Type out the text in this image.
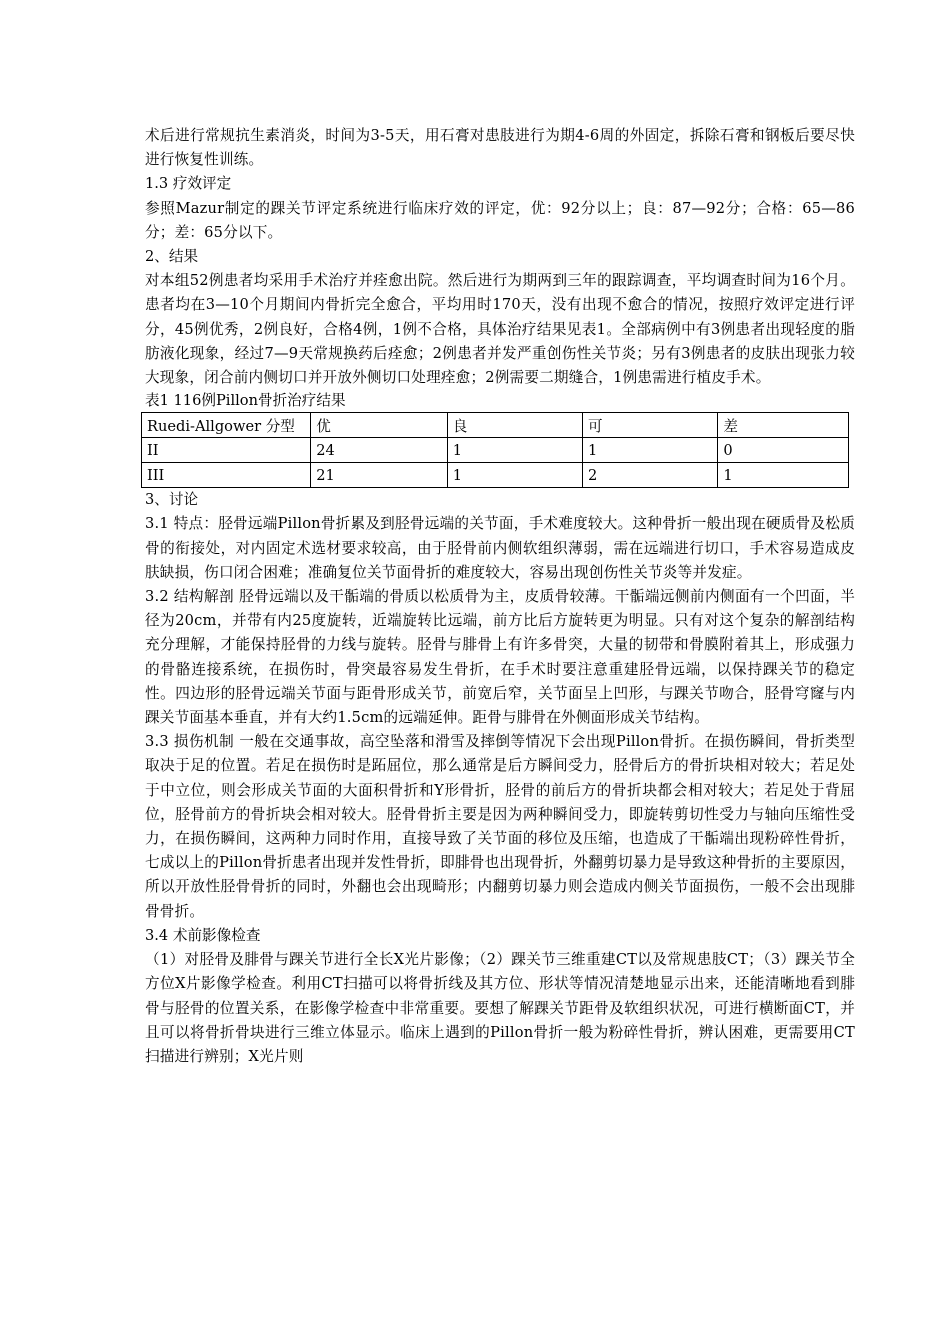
术后进行常规抗生素消炎，时间为3-5天，用石膏对患肢进行为期4-6周的外固定，拆除石膏和钢板后要尽快进行恢复性训练。

1.3 疗效评定

参照Mazur制定的踝关节评定系统进行临床疗效的评定，优：92分以上；良：87—92分；合格：65—86分；差：65分以下。

2、结果

对本组52例患者均采用手术治疗并痊愈出院。然后进行为期两到三年的跟踪调查，平均调查时间为16个月。患者均在3—10个月期间内骨折完全愈合，平均用时170天，没有出现不愈合的情况，按照疗效评定进行评分，45例优秀，2例良好，合格4例，1例不合格，具体治疗结果见表1。全部病例中有3例患者出现轻度的脂肪液化现象，经过7—9天常规换药后痊愈；2例患者并发严重创伤性关节炎；另有3例患者的皮肤出现张力较大现象，闭合前内侧切口并开放外侧切口处理痊愈；2例需要二期缝合，1例患需进行植皮手术。

表1 116例Pillon骨折治疗结果

Ruedi-Allgower 分型	优	良	可	差
II	24	1	1	0
III	21	1	2	1

3、讨论

3.1 特点：胫骨远端Pillon骨折累及到胫骨远端的关节面，手术难度较大。这种骨折一般出现在硬质骨及松质骨的衔接处，对内固定术选材要求较高，由于胫骨前内侧软组织薄弱，需在远端进行切口，手术容易造成皮肤缺损，伤口闭合困难；准确复位关节面骨折的难度较大，容易出现创伤性关节炎等并发症。

3.2 结构解剖 胫骨远端以及干骺端的骨质以松质骨为主，皮质骨较薄。干骺端远侧前内侧面有一个凹面，半径为20cm，并带有内25度旋转，近端旋转比远端，前方比后方旋转更为明显。只有对这个复杂的解剖结构充分理解，才能保持胫骨的力线与旋转。胫骨与腓骨上有许多骨突，大量的韧带和骨膜附着其上，形成强力的骨骼连接系统，在损伤时，骨突最容易发生骨折，在手术时要注意重建胫骨远端，以保持踝关节的稳定性。四边形的胫骨远端关节面与距骨形成关节，前宽后窄，关节面呈上凹形，与踝关节吻合，胫骨穹窿与内踝关节面基本垂直，并有大约1.5cm的远端延伸。距骨与腓骨在外侧面形成关节结构。

3.3 损伤机制 一般在交通事故，高空坠落和滑雪及摔倒等情况下会出现Pillon骨折。在损伤瞬间，骨折类型取决于足的位置。若足在损伤时是跖屈位，那么通常是后方瞬间受力，胫骨后方的骨折块相对较大；若足处于中立位，则会形成关节面的大面积骨折和Y形骨折，胫骨的前后方的骨折块都会相对较大；若足处于背屈位，胫骨前方的骨折块会相对较大。胫骨骨折主要是因为两种瞬间受力，即旋转剪切性受力与轴向压缩性受力，在损伤瞬间，这两种力同时作用，直接导致了关节面的移位及压缩，也造成了干骺端出现粉碎性骨折，七成以上的Pillon骨折患者出现并发性骨折，即腓骨也出现骨折，外翻剪切暴力是导致这种骨折的主要原因，所以开放性胫骨骨折的同时，外翻也会出现畸形；内翻剪切暴力则会造成内侧关节面损伤，一般不会出现腓骨骨折。

3.4 术前影像检查

（1）对胫骨及腓骨与踝关节进行全长X光片影像；（2）踝关节三维重建CT以及常规患肢CT；（3）踝关节全方位X片影像学检查。利用CT扫描可以将骨折线及其方位、形状等情况清楚地显示出来，还能清晰地看到腓骨与胫骨的位置关系，在影像学检查中非常重要。要想了解踝关节距骨及软组织状况，可进行横断面CT，并且可以将骨折骨块进行三维立体显示。临床上遇到的Pillon骨折一般为粉碎性骨折，辨认困难，更需要用CT扫描进行辨别；X光片则
